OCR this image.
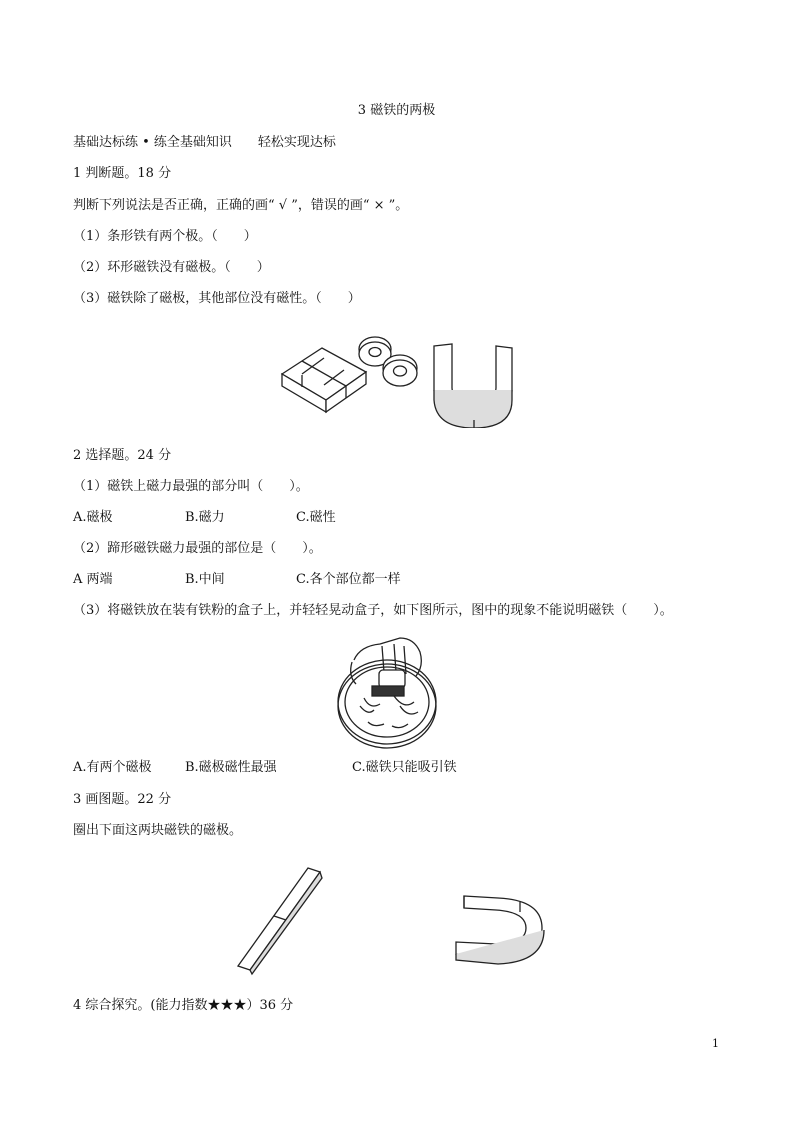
3 磁铁的两极
基础达标练 • 练全基础知识　　轻松实现达标
1 判断题。18 分
判断下列说法是否正确，正确的画“ √ ”，错误的画“ × ”。
（1）条形铁有两个极。（　　）
（2）环形磁铁没有磁极。（　　）
（3）磁铁除了磁极，其他部位没有磁性。（　　）
2 选择题。24 分
（1）磁铁上磁力最强的部分叫（　　）。
A.磁极	B.磁力	C.磁性
（2）蹄形磁铁磁力最强的部位是（　　）。
A 两端	B.中间	C.各个部位都一样
（3）将磁铁放在装有铁粉的盒子上，并轻轻晃动盒子，如下图所示，图中的现象不能说明磁铁（　　）。
A.有两个磁极	B.磁极磁性最强	C.磁铁只能吸引铁
3 画图题。22 分
圈出下面这两块磁铁的磁极。
4 综合探究。(能力指数★★★）36 分
1
